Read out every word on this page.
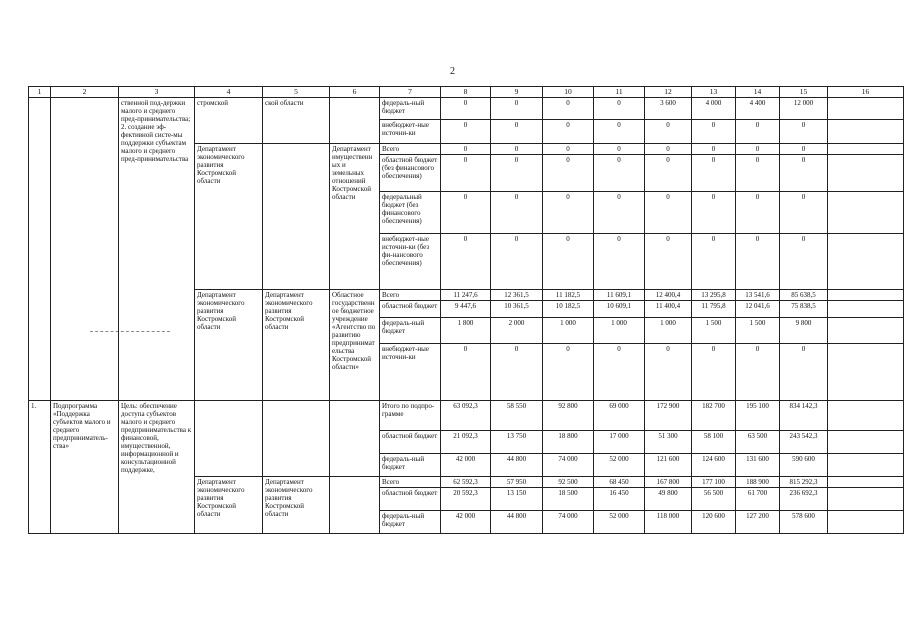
2
1	2	3	4	5	6	7	8	9	10	11	12	13	14	15	16
		ственной под-держки малого и среднего пред-принимательства; 2. создание эф-фективной систе-мы поддержки субъектам малого и среднего пред-принимательства	стромской	ской области		федераль-ный бюджет	0	0	0	0	3 600	4 000	4 400	12 000	
						внебюджет-ные источни-ки	0	0	0	0	0	0	0	0	
			Департамент экономического развития Костромской области		Департамент имущественных и земельных отношений Костромской области	Всего	0	0	0	0	0	0	0	0	
						областной бюджет (без финансового обеспечения)	0	0	0	0	0	0	0	0	
						федеральный бюджет (без финансового обеспечения)	0	0	0	0	0	0	0	0	
						внебюджет-ные источни-ки (без фи-нансового обеспечения)	0	0	0	0	0	0	0	0	
			Департамент экономического развития Костромской области	Департамент экономического развития Костромской области	Областное государственное бюджетное учреждение «Агентство по развитию предпринимательства Костромской области»	Всего	11 247,6	12 361,5	11 182,5	11 609,1	12 400,4	13 295,8	13 541,6	85 638,5	
						областной бюджет	9 447,6	10 361,5	10 182,5	10 609,1	11 400,4	11 795,8	12 041,6	75 838,5	
						федераль-ный бюджет	1 800	2 000	1 000	1 000	1 000	1 500	1 500	9 800	
						внебюджет-ные источни-ки	0	0	0	0	0	0	0	0	
1.	Подпрограмма «Поддержка субъектов малого и среднего предприниматель-ства»	Цель: обеспечение доступа субъектов малого и среднего предпринимательства к финансовой, имущественной, информационной и консультационной поддержке,				Итого по подпро-грамме	63 092,3	58 550	92 800	69 000	172 900	182 700	195 100	834 142,3	
						областной бюджет	21 092,3	13 750	18 800	17 000	51 300	58 100	63 500	243 542,3	
						федераль-ный бюджет	42 000	44 800	74 000	52 000	121 600	124 600	131 600	590 600	
			Департамент экономического развития Костромской области	Департамент экономического развития Костромской области		Всего	62 592,3	57 950	92 500	68 450	167 800	177 100	188 900	815 292,3	
						областной бюджет	20 592,3	13 150	18 500	16 450	49 800	56 500	61 700	236 692,3	
						федераль-ный бюджет	42 000	44 800	74 000	52 000	118 000	120 600	127 200	578 600	
